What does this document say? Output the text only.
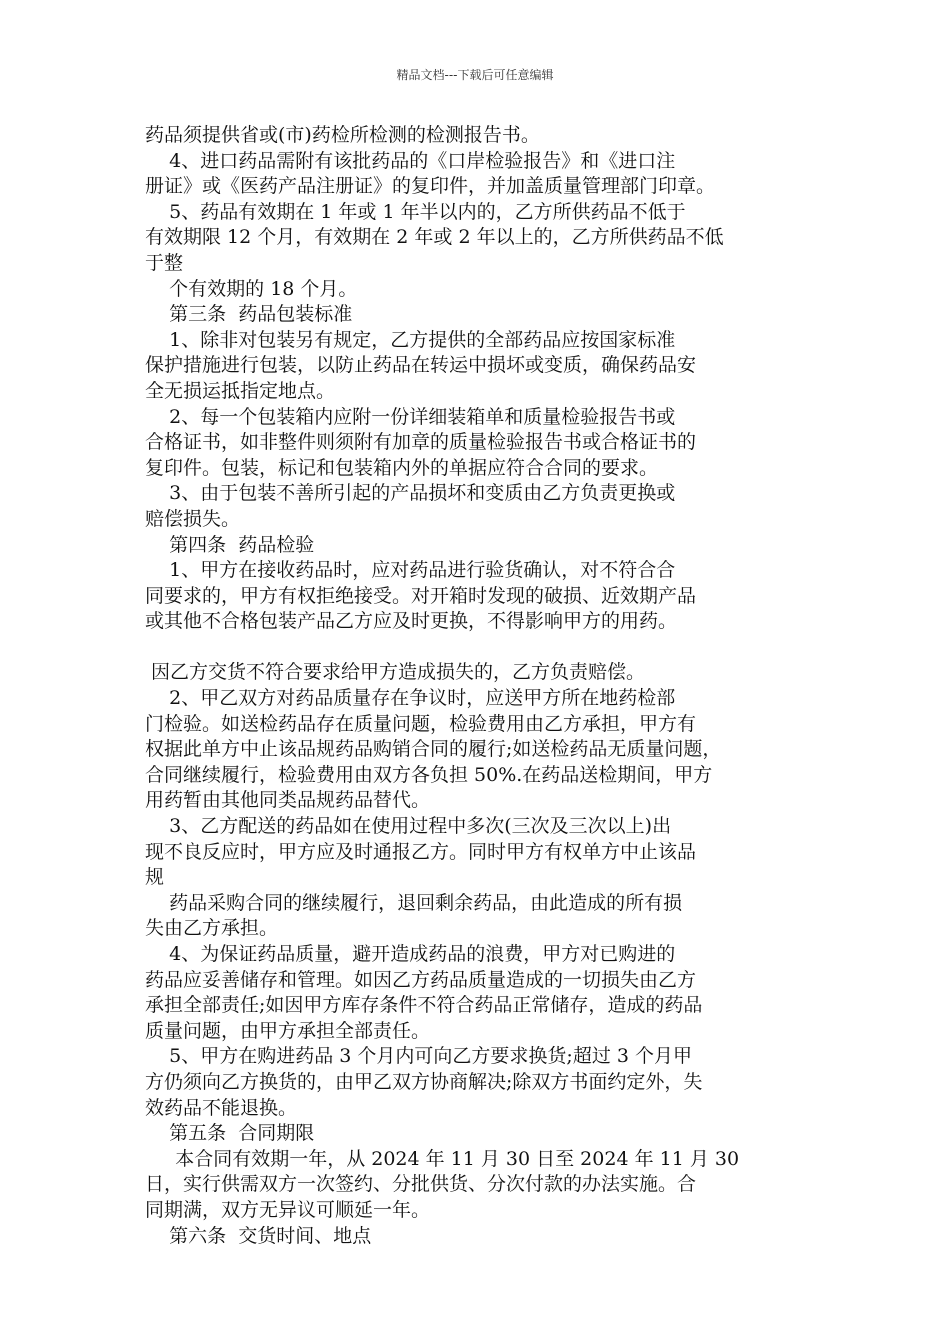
精品文档---下载后可任意编辑
药品须提供省或(市)药检所检测的检测报告书。
4、进口药品需附有该批药品的《口岸检验报告》和《进口注
册证》或《医药产品注册证》的复印件，并加盖质量管理部门印章。
5、药品有效期在 1 年或 1 年半以内的，乙方所供药品不低于
有效期限 12 个月，有效期在 2 年或 2 年以上的，乙方所供药品不低
于整
个有效期的 18 个月。
第三条  药品包装标准
1、除非对包装另有规定，乙方提供的全部药品应按国家标准
保护措施进行包装，以防止药品在转运中损坏或变质，确保药品安
全无损运抵指定地点。
2、每一个包装箱内应附一份详细装箱单和质量检验报告书或
合格证书，如非整件则须附有加章的质量检验报告书或合格证书的
复印件。包装，标记和包装箱内外的单据应符合合同的要求。
3、由于包装不善所引起的产品损坏和变质由乙方负责更换或
赔偿损失。
第四条  药品检验
1、甲方在接收药品时，应对药品进行验货确认，对不符合合
同要求的，甲方有权拒绝接受。对开箱时发现的破损、近效期产品
或其他不合格包装产品乙方应及时更换，不得影响甲方的用药。
因乙方交货不符合要求给甲方造成损失的，乙方负责赔偿。
2、甲乙双方对药品质量存在争议时，应送甲方所在地药检部
门检验。如送检药品存在质量问题，检验费用由乙方承担，甲方有
权据此单方中止该品规药品购销合同的履行;如送检药品无质量问题，
合同继续履行，检验费用由双方各负担 50%.在药品送检期间，甲方
用药暂由其他同类品规药品替代。
3、乙方配送的药品如在使用过程中多次(三次及三次以上)出
现不良反应时，甲方应及时通报乙方。同时甲方有权单方中止该品
规
药品采购合同的继续履行，退回剩余药品，由此造成的所有损
失由乙方承担。
4、为保证药品质量，避开造成药品的浪费，甲方对已购进的
药品应妥善储存和管理。如因乙方药品质量造成的一切损失由乙方
承担全部责任;如因甲方库存条件不符合药品正常储存，造成的药品
质量问题，由甲方承担全部责任。
5、甲方在购进药品 3 个月内可向乙方要求换货;超过 3 个月甲
方仍须向乙方换货的，由甲乙双方协商解决;除双方书面约定外，失
效药品不能退换。
第五条  合同期限
本合同有效期一年，从 2024 年 11 月 30 日至 2024 年 11 月 30
日，实行供需双方一次签约、分批供货、分次付款的办法实施。合
同期满，双方无异议可顺延一年。
第六条  交货时间、地点
